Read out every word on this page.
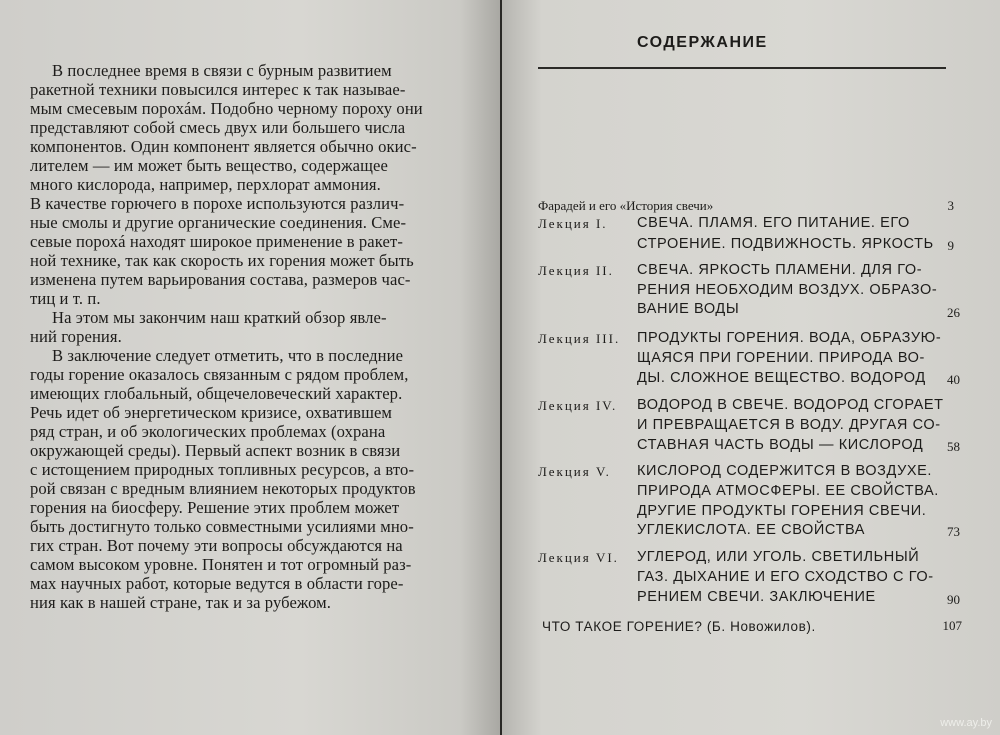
В последнее время в связи с бурным развитием

ракетной техники повысился интерес к так называе-

мым смесевым порохáм. Подобно черному пороху они

представляют собой смесь двух или большего числа

компонентов. Один компонент является обычно окис-

лителем — им может быть вещество, содержащее

много кислорода, например, перхлорат аммония.

В качестве горючего в порохе используются различ-

ные смолы и другие органические соединения. Сме-

севые порохá находят широкое применение в ракет-

ной технике, так как скорость их горения может быть

изменена путем варьирования состава, размеров час-

тиц и т. п.

На этом мы закончим наш краткий обзор явле-

ний горения.

В заключение следует отметить, что в последние

годы горение оказалось связанным с рядом проблем,

имеющих глобальный, общечеловеческий характер.

Речь идет об энергетическом кризисе, охватившем

ряд стран, и об экологических проблемах (охрана

окружающей среды). Первый аспект возник в связи

с истощением природных топливных ресурсов, а вто-

рой связан с вредным влиянием некоторых продуктов

горения на биосферу. Решение этих проблем может

быть достигнуто только совместными усилиями мно-

гих стран. Вот почему эти вопросы обсуждаются на

самом высоком уровне. Понятен и тот огромный раз-

мах научных работ, которые ведутся в области горе-

ния как в нашей стране, так и за рубежом.

СОДЕРЖАНИЕ

Фарадей и его «История свечи»	3

Лекция I. СВЕЧА. ПЛАМЯ. ЕГО ПИТАНИЕ. ЕГО

СТРОЕНИЕ. ПОДВИЖНОСТЬ. ЯРКОСТЬ	9

Лекция II. СВЕЧА. ЯРКОСТЬ ПЛАМЕНИ. ДЛЯ ГО-

РЕНИЯ НЕОБХОДИМ ВОЗДУХ. ОБРАЗО-

ВАНИЕ ВОДЫ	26

Лекция III. ПРОДУКТЫ ГОРЕНИЯ. ВОДА, ОБРАЗУЮ-

ЩАЯСЯ ПРИ ГОРЕНИИ. ПРИРОДА ВО-

ДЫ. СЛОЖНОЕ ВЕЩЕСТВО. ВОДОРОД	40

Лекция IV. ВОДОРОД В СВЕЧЕ. ВОДОРОД СГОРАЕТ

И ПРЕВРАЩАЕТСЯ В ВОДУ. ДРУГАЯ СО-

СТАВНАЯ ЧАСТЬ ВОДЫ — КИСЛОРОД	58

Лекция V. КИСЛОРОД СОДЕРЖИТСЯ В ВОЗДУХЕ.

ПРИРОДА АТМОСФЕРЫ. ЕЕ СВОЙСТВА.

ДРУГИЕ ПРОДУКТЫ ГОРЕНИЯ СВЕЧИ.

УГЛЕКИСЛОТА. ЕЕ СВОЙСТВА	73

Лекция VI. УГЛЕРОД, ИЛИ УГОЛЬ. СВЕТИЛЬНЫЙ

ГАЗ. ДЫХАНИЕ И ЕГО СХОДСТВО С ГО-

РЕНИЕМ СВЕЧИ. ЗАКЛЮЧЕНИЕ	90

ЧТО ТАКОЕ ГОРЕНИЕ? (Б. Новожилов).	107

www.ay.by
